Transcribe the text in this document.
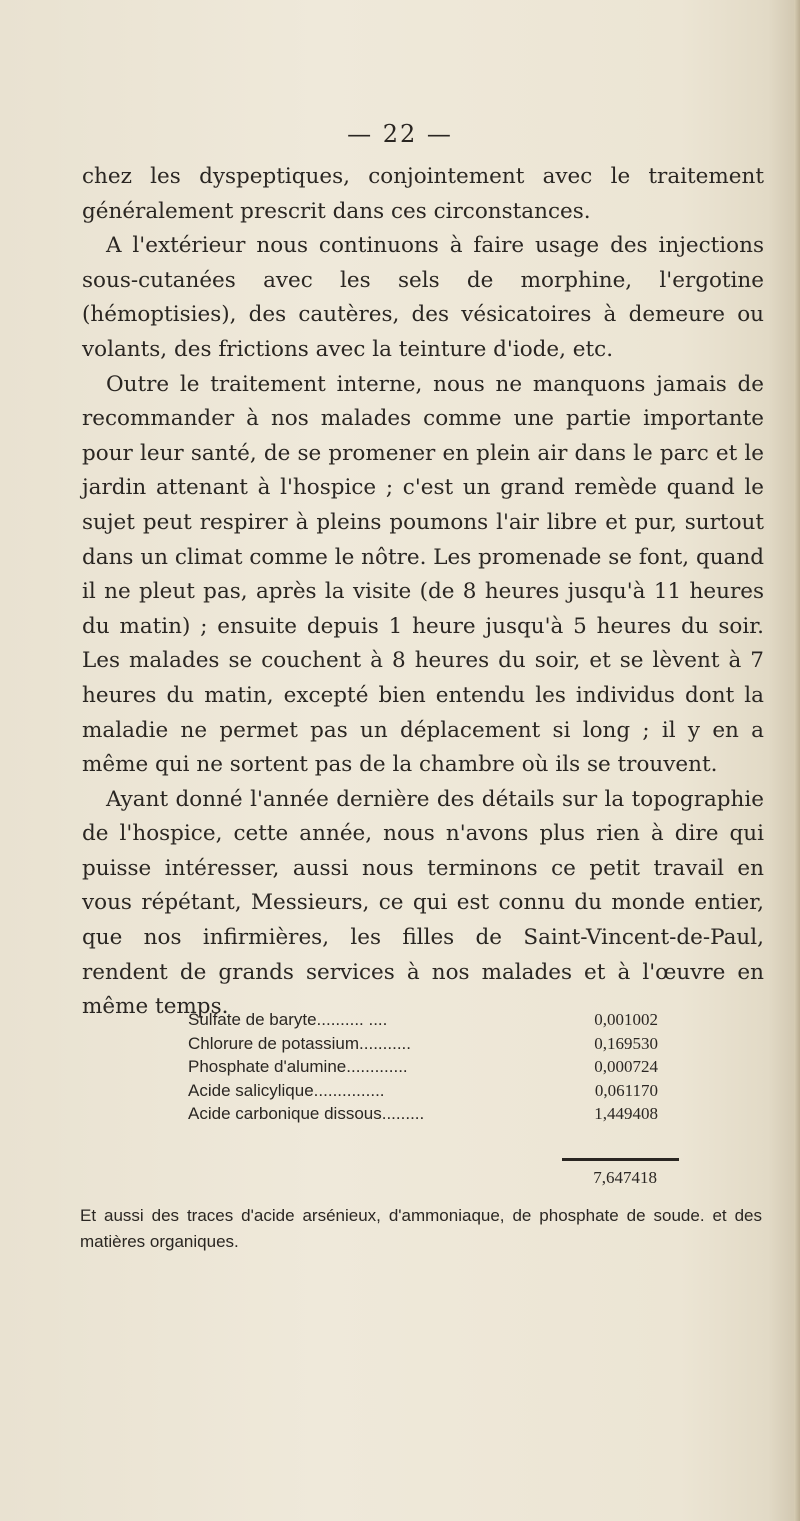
— 22 —

chez les dyspeptiques, conjointement avec le traitement généralement prescrit dans ces circonstances.

A l'extérieur nous continuons à faire usage des injections sous-cutanées avec les sels de morphine, l'ergotine (hémoptisies), des cautères, des vésicatoires à demeure ou volants, des frictions avec la teinture d'iode, etc.

Outre le traitement interne, nous ne manquons jamais de recommander à nos malades comme une partie importante pour leur santé, de se promener en plein air dans le parc et le jardin attenant à l'hospice ; c'est un grand remède quand le sujet peut respirer à pleins poumons l'air libre et pur, surtout dans un climat comme le nôtre. Les promenade se font, quand il ne pleut pas, après la visite (de 8 heures jusqu'à 11 heures du matin) ; ensuite depuis 1 heure jusqu'à 5 heures du soir. Les malades se couchent à 8 heures du soir, et se lèvent à 7 heures du matin, excepté bien entendu les individus dont la maladie ne permet pas un déplacement si long ; il y en a même qui ne sortent pas de la chambre où ils se trouvent.

Ayant donné l'année dernière des détails sur la topographie de l'hospice, cette année, nous n'avons plus rien à dire qui puisse intéresser, aussi nous terminons ce petit travail en vous répétant, Messieurs, ce qui est connu du monde entier, que nos infirmières, les filles de Saint-Vincent-de-Paul, rendent de grands services à nos malades et à l'œuvre en même temps.

Sulfate de baryte.......... ....	0,001002
Chlorure de potassium...........	0,169530
Phosphate d'alumine.............	0,000724
Acide salicylique...............	0,061170
Acide carbonique dissous.........	1,449408
7,647418
Et aussi des traces d'acide arsénieux, d'ammoniaque, de phosphate de soude. et des matières organiques.
